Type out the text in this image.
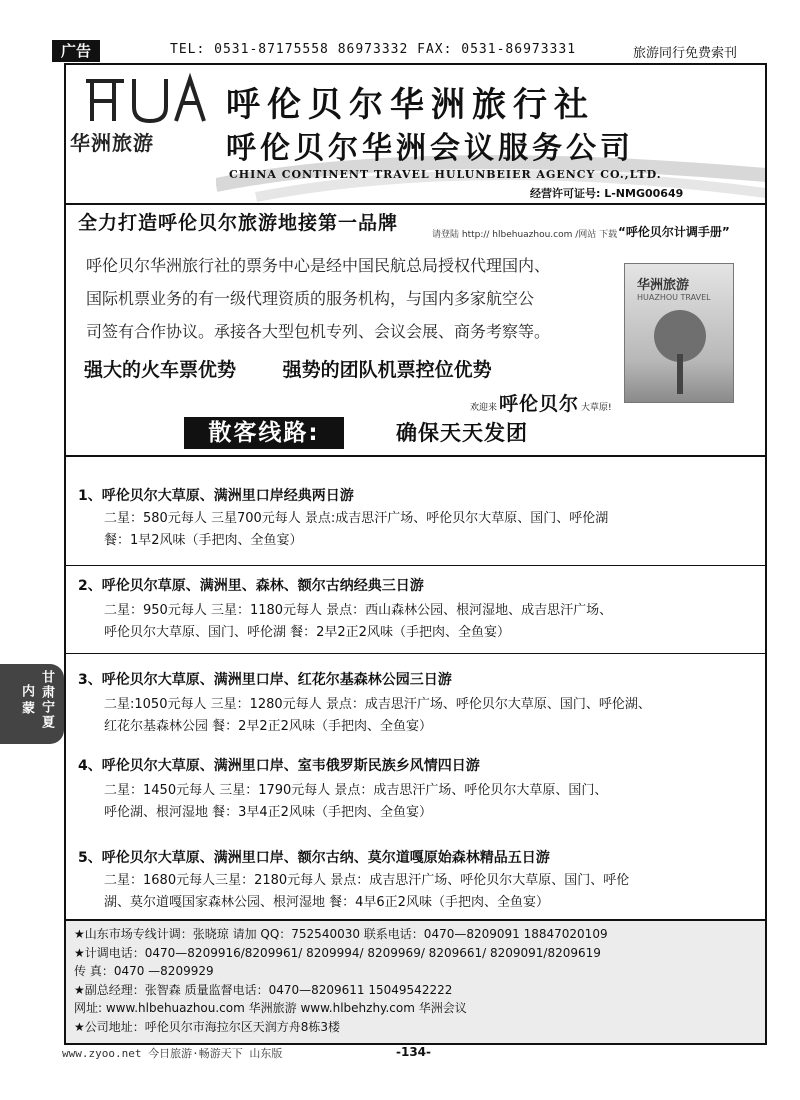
广告	TEL: 0531-87175558 86973332 FAX: 0531-86973331	旅游同行免费索刊
华洲旅游
呼伦贝尔华洲旅行社
呼伦贝尔华洲会议服务公司
CHINA CONTINENT TRAVEL HULUNBEIER AGENCY CO.,LTD.
经营许可证号: L-NMG00649
全力打造呼伦贝尔旅游地接第一品牌
请登陆 http:// hlbehuazhou.com /网站 下载 “呼伦贝尔计调手册”
呼伦贝尔华洲旅行社的票务中心是经中国民航总局授权代理国内、
国际机票业务的有一级代理资质的服务机构，与国内多家航空公
司签有合作协议。承接各大型包机专列、会议会展、商务考察等。
华洲旅游
HUAZHOU TRAVEL
强大的火车票优势 强势的团队机票控位优势
欢迎来 呼伦贝尔 大草原!
散客线路:	确保天天发团
1、呼伦贝尔大草原、满洲里口岸经典两日游
二星：580元每人 三星700元每人 景点:成吉思汗广场、呼伦贝尔大草原、国门、呼伦湖
餐：1早2风味（手把肉、全鱼宴）
2、呼伦贝尔草原、满洲里、森林、额尔古纳经典三日游
二星：950元每人 三星：1180元每人 景点：西山森林公园、根河湿地、成吉思汗广场、
呼伦贝尔大草原、国门、呼伦湖 餐：2早2正2风味（手把肉、全鱼宴）
3、呼伦贝尔大草原、满洲里口岸、红花尔基森林公园三日游
二星:1050元每人 三星：1280元每人 景点：成吉思汗广场、呼伦贝尔大草原、国门、呼伦湖、
红花尔基森林公园 餐：2早2正2风味（手把肉、全鱼宴）
4、呼伦贝尔大草原、满洲里口岸、室韦俄罗斯民族乡风情四日游
二星：1450元每人 三星：1790元每人 景点：成吉思汗广场、呼伦贝尔大草原、国门、
呼伦湖、根河湿地 餐：3早4正2风味（手把肉、全鱼宴）
5、呼伦贝尔大草原、满洲里口岸、额尔古纳、莫尔道嘎原始森林精品五日游
二星：1680元每人三星：2180元每人 景点：成吉思汗广场、呼伦贝尔大草原、国门、呼伦
湖、莫尔道嘎国家森林公园、根河湿地 餐：4早6正2风味（手把肉、全鱼宴）
★山东市场专线计调：张晓琼 请加 QQ：752540030 联系电话：0470—8209091 18847020109
★计调电话：0470—8209916/8209961/ 8209994/ 8209969/ 8209661/ 8209091/8209619
传 真：0470 —8209929
★副总经理：张智森 质量监督电话：0470—8209611 15049542222
网址: www.hlbehuazhou.com 华洲旅游 www.hlbehzhy.com 华洲会议
★公司地址：呼伦贝尔市海拉尔区天润方舟8栋3楼
甘肃宁夏
内蒙
www.zyoo.net 今日旅游·畅游天下 山东版	-134-
